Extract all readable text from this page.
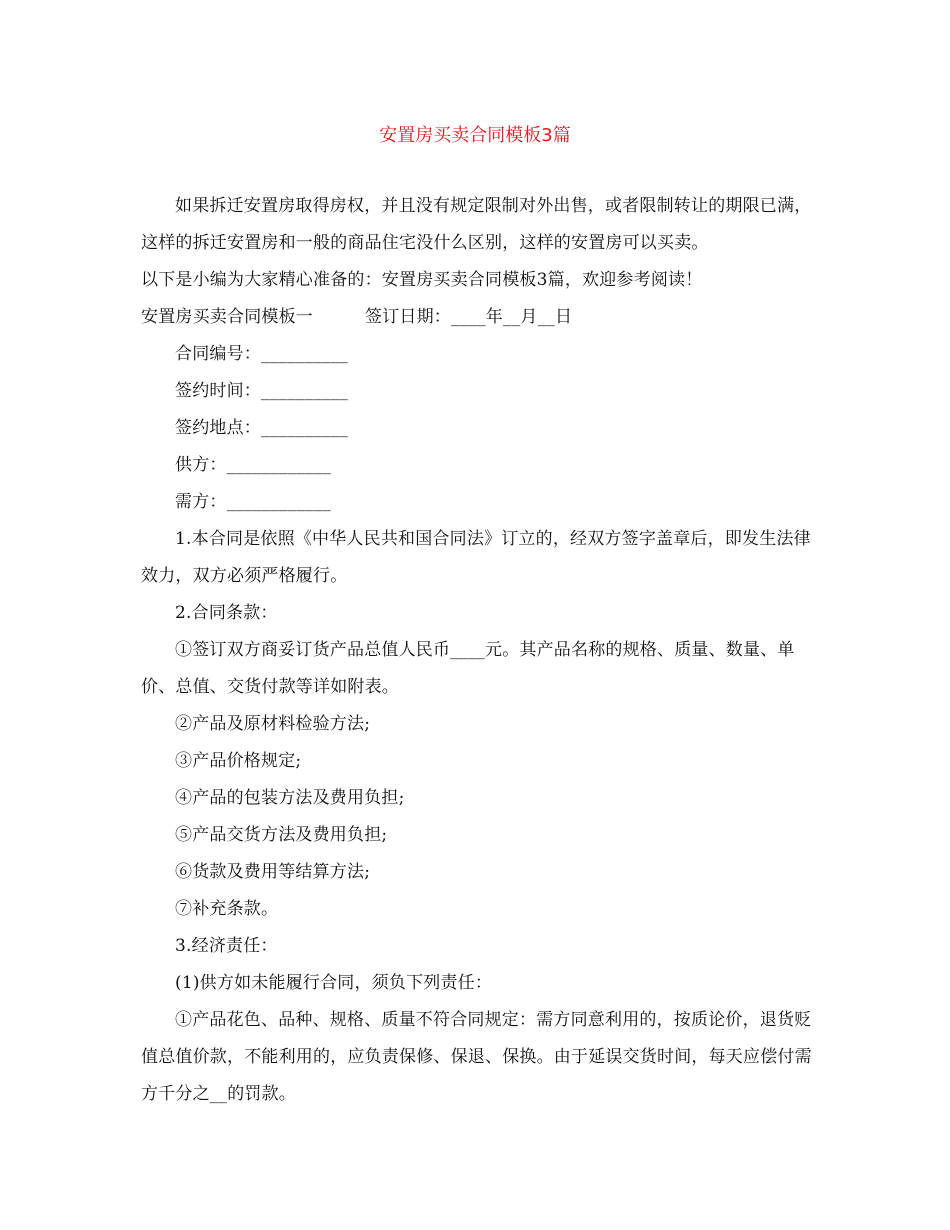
安置房买卖合同模板3篇

如果拆迁安置房取得房权，并且没有规定限制对外出售，或者限制转让的期限已满，这样的拆迁安置房和一般的商品住宅没什么区别，这样的安置房可以买卖。

以下是小编为大家精心准备的：安置房买卖合同模板3篇，欢迎参考阅读！

安置房买卖合同模板一	签订日期：____年__月__日

合同编号：__________

签约时间：__________

签约地点：__________

供方：____________

需方：____________

1.本合同是依照《中华人民共和国合同法》订立的，经双方签字盖章后，即发生法律效力，双方必须严格履行。

2.合同条款：

①签订双方商妥订货产品总值人民币____元。其产品名称的规格、质量、数量、单价、总值、交货付款等详如附表。

②产品及原材料检验方法;

③产品价格规定;

④产品的包装方法及费用负担;

⑤产品交货方法及费用负担;

⑥货款及费用等结算方法;

⑦补充条款。

3.经济责任：

(1)供方如未能履行合同，须负下列责任：

①产品花色、品种、规格、质量不符合同规定：需方同意利用的，按质论价，退货贬值总值价款，不能利用的，应负责保修、保退、保换。由于延误交货时间，每天应偿付需方千分之__的罚款。
